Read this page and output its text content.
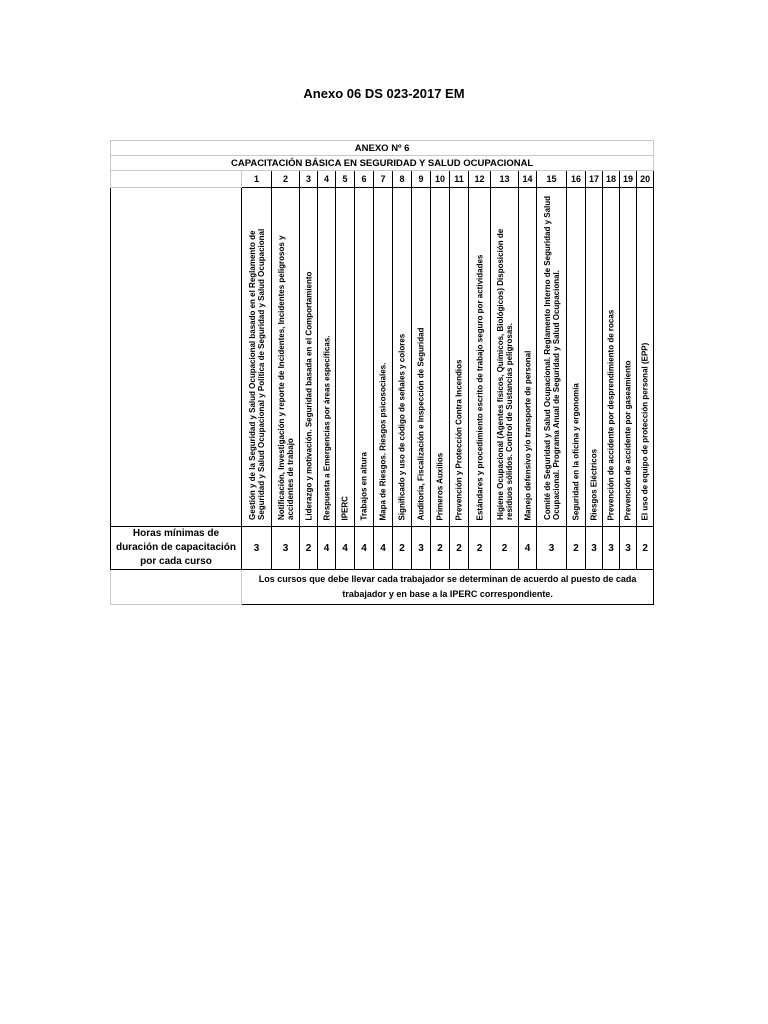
Anexo 06 DS 023-2017 EM
ANEXO Nº 6																				
CAPACITACIÓN BÁSICA EN SEGURIDAD Y SALUD OCUPACIONAL																				
	1	2	3	4	5	6	7	8	9	10	11	12	13	14	15	16	17	18	19	20

	Gestión y de la Seguridad y Salud Ocupacional basado en el Reglamento de Seguridad y Salud Ocupacional y Política de Seguridad y Salud Ocupacional	Notificación, Investigación y reporte de Incidentes, Incidentes peligrosos y accidentes de trabajo	Liderazgo y motivación. Seguridad basada en el Comportamiento	Respuesta a Emergencias por áreas específicas.	IPERC	Trabajos en altura	Mapa de Riesgos. Riesgos psicosociales.	Significado y uso de código de señales y colores	Auditoría, Fiscalización e Inspección de Seguridad	Primeros Auxilios	Prevención y Protección Contra Incendios	Estándares y procedimiento escrito de trabajo seguro por actividades	Higiene Ocupacional (Agentes físicos, Químicos, Biológicos) Disposición de residuos sólidos. Control de Sustancias peligrosas.	Manejo defensivo y/o transporte de personal	Comité de Seguridad y Salud Ocupacional. Reglamento Interno de Seguridad y Salud Ocupacional. Programa Anual de Seguridad y Salud Ocupacional.	Seguridad en la oficina y ergonomía	Riesgos Eléctricos	Prevención de accidente por desprendimiento de rocas	Prevención de accidente por gaseamiento	El uso de equipo de protección personal (EPP)

Horas mínimas de duración de capacitación por cada curso	3	3	2	4	4	4	4	2	3	2	2	2	2	4	3	2	3	3	3	2
	Los cursos que debe llevar cada trabajador se determinan de acuerdo al puesto de cada trabajador y en base a la IPERC correspondiente.																			
